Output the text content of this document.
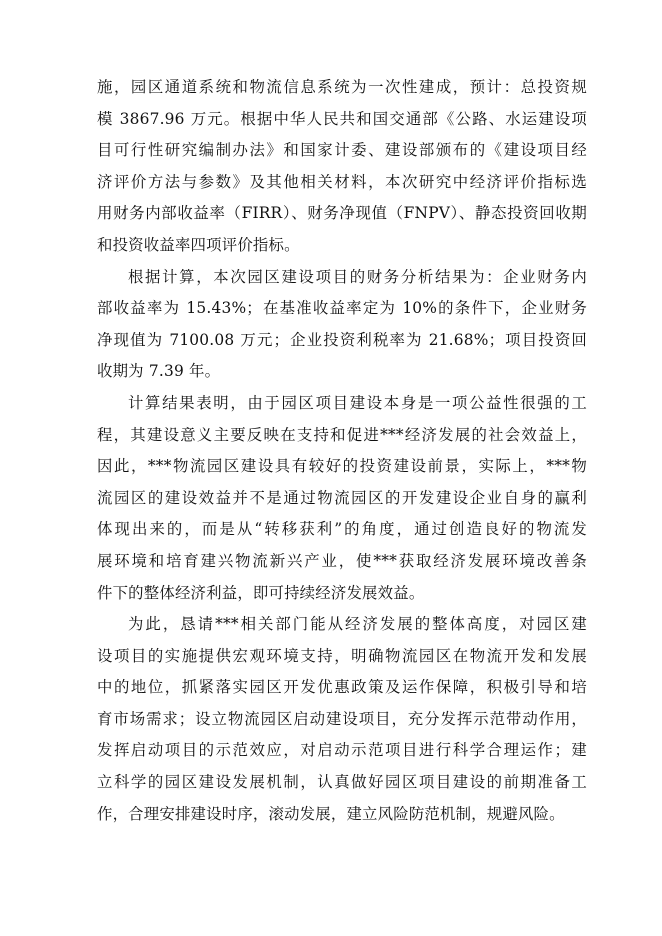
施，园区通道系统和物流信息系统为一次性建成，预计：总投资规
模 3867.96 万元。根据中华人民共和国交通部《公路、水运建设项
目可行性研究编制办法》和国家计委、建设部颁布的《建设项目经
济评价方法与参数》及其他相关材料，本次研究中经济评价指标选
用财务内部收益率（FIRR）、财务净现值（FNPV）、静态投资回收期
和投资收益率四项评价指标。
根据计算，本次园区建设项目的财务分析结果为：企业财务内
部收益率为 15.43%；在基准收益率定为 10%的条件下，企业财务
净现值为 7100.08 万元；企业投资利税率为 21.68%；项目投资回
收期为 7.39 年。
计算结果表明，由于园区项目建设本身是一项公益性很强的工
程，其建设意义主要反映在支持和促进***经济发展的社会效益上，
因此，***物流园区建设具有较好的投资建设前景，实际上，***物
流园区的建设效益并不是通过物流园区的开发建设企业自身的赢利
体现出来的，而是从“转移获利”的角度，通过创造良好的物流发
展环境和培育建兴物流新兴产业，使***获取经济发展环境改善条
件下的整体经济利益，即可持续经济发展效益。
为此，恳请***相关部门能从经济发展的整体高度，对园区建
设项目的实施提供宏观环境支持，明确物流园区在物流开发和发展
中的地位，抓紧落实园区开发优惠政策及运作保障，积极引导和培
育市场需求；设立物流园区启动建设项目，充分发挥示范带动作用，
发挥启动项目的示范效应，对启动示范项目进行科学合理运作；建
立科学的园区建设发展机制，认真做好园区项目建设的前期准备工
作，合理安排建设时序，滚动发展，建立风险防范机制，规避风险。
